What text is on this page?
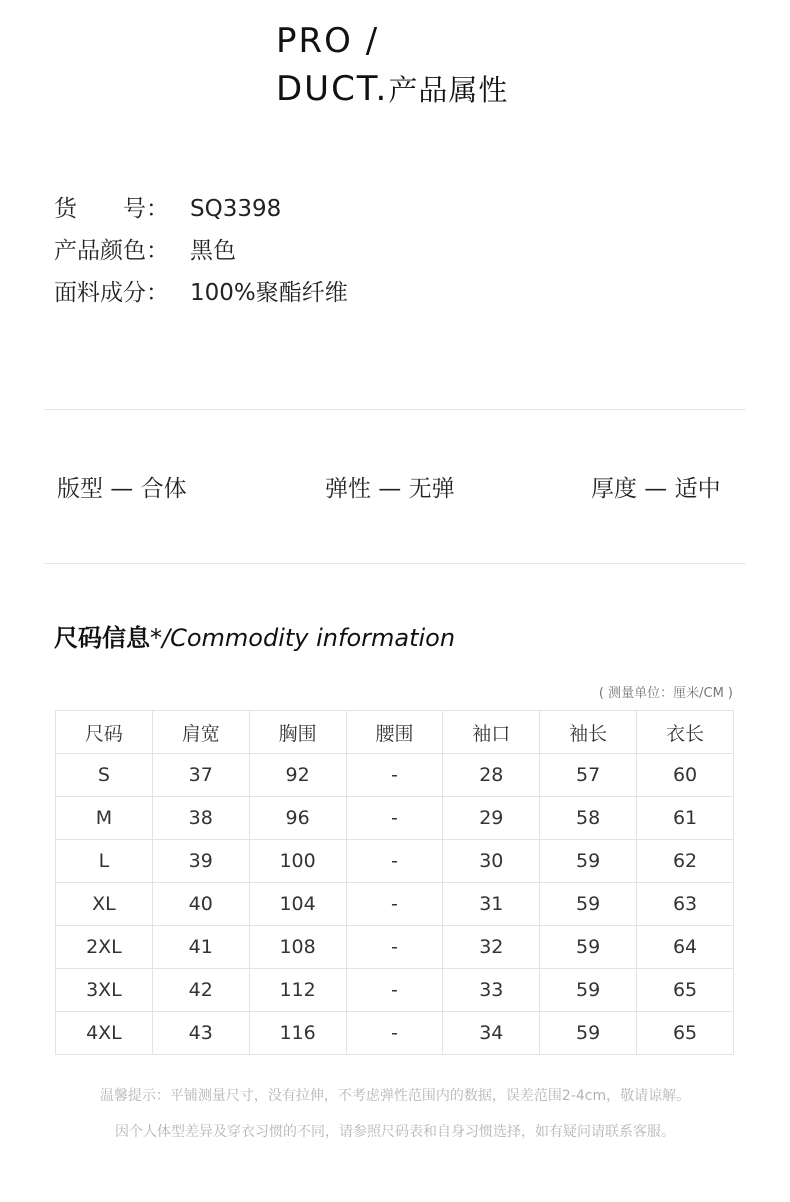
PRO /
DUCT.产品属性
货　　号： SQ3398
产品颜色： 黑色
面料成分： 100%聚酯纤维
版型 — 合体	弹性 — 无弹	厚度 — 适中
尺码信息*/Commodity information
( 测量单位：厘米/CM )
尺码	肩宽	胸围	腰围	袖口	袖长	衣长
S	37	92	-	28	57	60
M	38	96	-	29	58	61
L	39	100	-	30	59	62
XL	40	104	-	31	59	63
2XL	41	108	-	32	59	64
3XL	42	112	-	33	59	65
4XL	43	116	-	34	59	65
温馨提示：平铺测量尺寸，没有拉伸，不考虑弹性范围内的数据，误差范围2-4cm，敬请谅解。
因个人体型差异及穿衣习惯的不同，请参照尺码表和自身习惯选择，如有疑问请联系客服。
